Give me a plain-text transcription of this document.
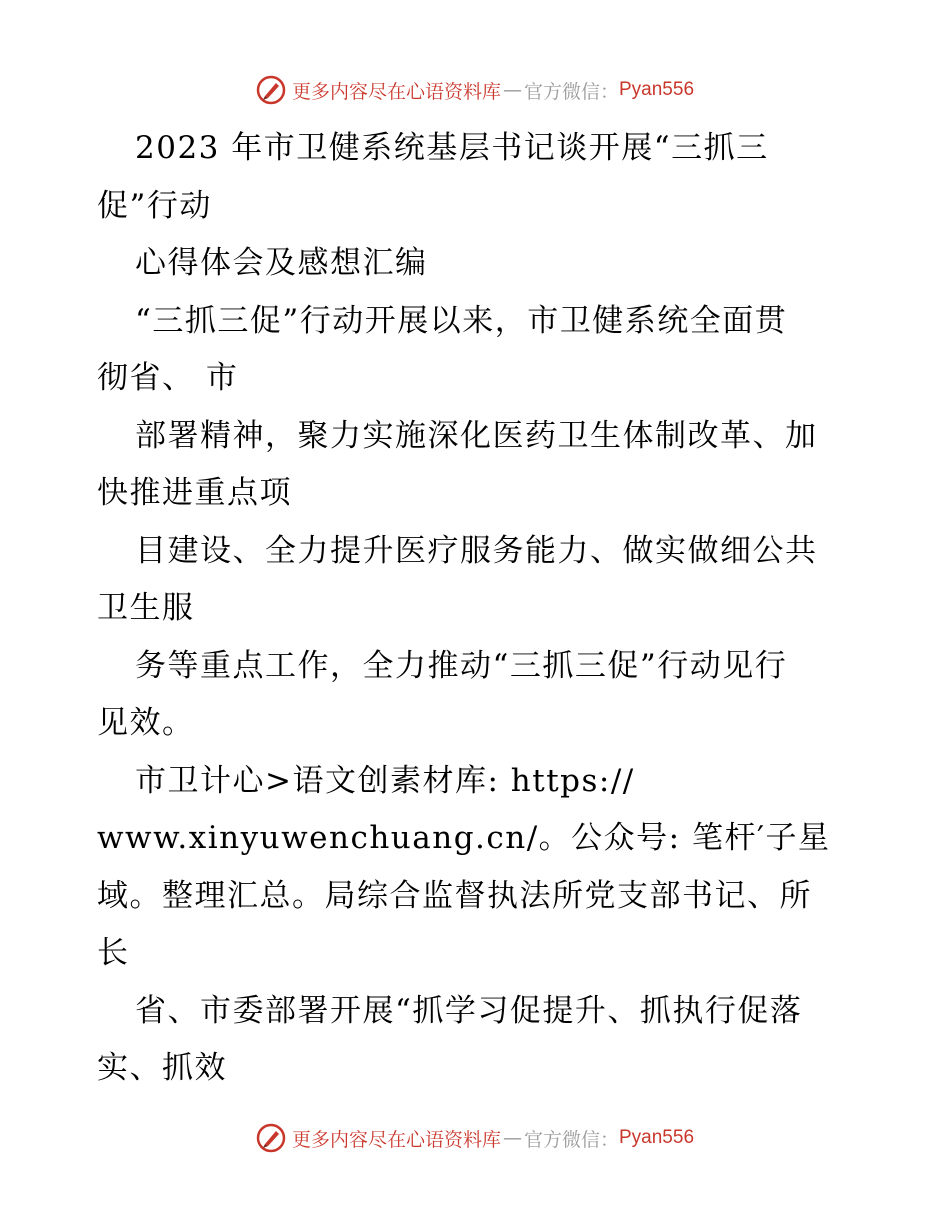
更多内容尽在心语资料库 — 官方微信： Pyan556
2023 年市卫健系统基层书记谈开展“三抓三
促”行动
心得体会及感想汇编
“三抓三促”行动开展以来，市卫健系统全面贯
彻省、 市
部署精神，聚力实施深化医药卫生体制改革、加
快推进重点项
目建设、全力提升医疗服务能力、做实做细公共
卫生服
务等重点工作，全力推动“三抓三促”行动见行
见效。
市卫计心>语文创素材库: https://
www.xinyuwenchuang.cn/。公众号: 笔杆′子星
域。整理汇总。局综合监督执法所党支部书记、所
长
省、市委部署开展“抓学习促提升、抓执行促落
实、抓效
更多内容尽在心语资料库 — 官方微信： Pyan556
